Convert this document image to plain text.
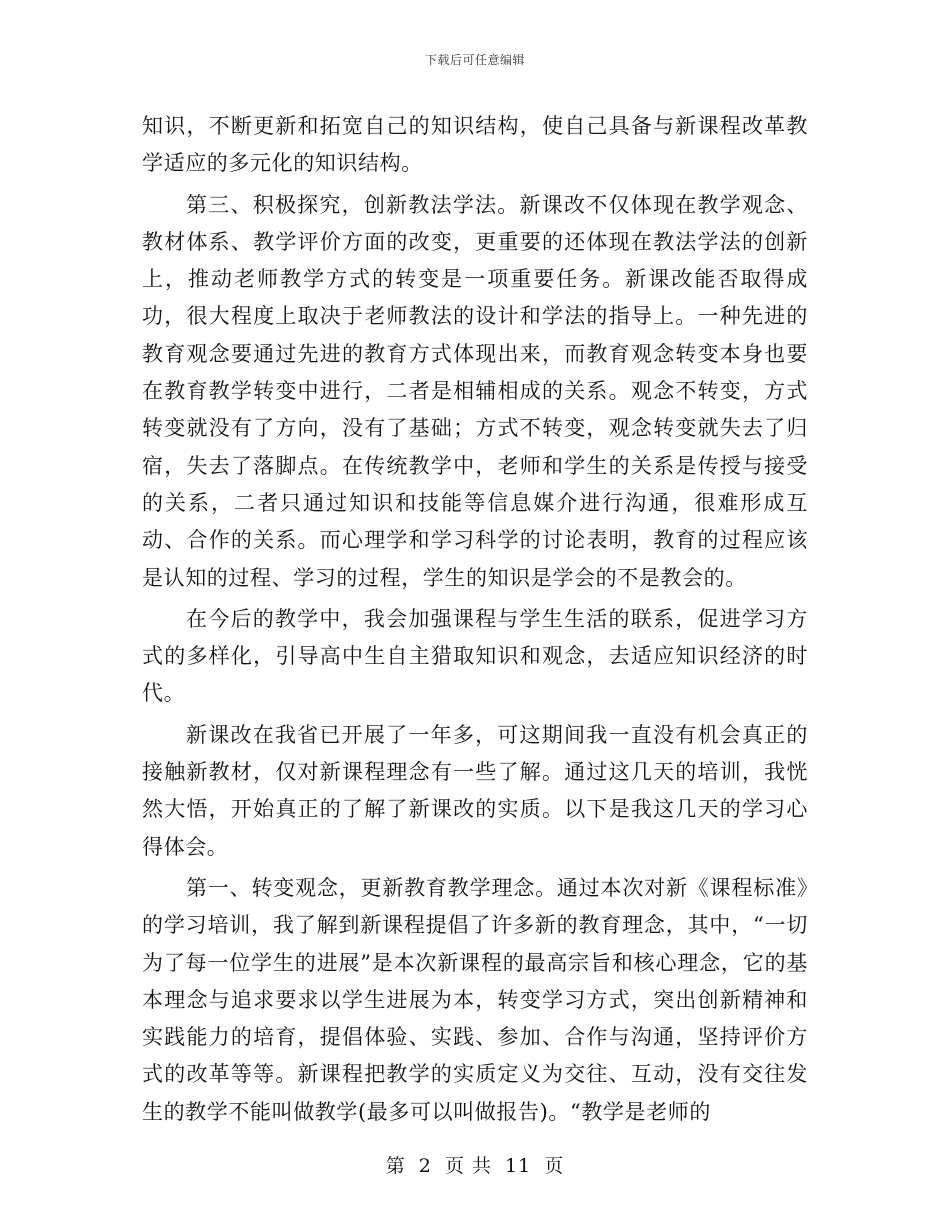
下载后可任意编辑

知识，不断更新和拓宽自己的知识结构，使自己具备与新课程改革教学适应的多元化的知识结构。

第三、积极探究，创新教法学法。新课改不仅体现在教学观念、教材体系、教学评价方面的改变，更重要的还体现在教法学法的创新上，推动老师教学方式的转变是一项重要任务。新课改能否取得成功，很大程度上取决于老师教法的设计和学法的指导上。一种先进的教育观念要通过先进的教育方式体现出来，而教育观念转变本身也要在教育教学转变中进行，二者是相辅相成的关系。观念不转变，方式转变就没有了方向，没有了基础；方式不转变，观念转变就失去了归宿，失去了落脚点。在传统教学中，老师和学生的关系是传授与接受的关系，二者只通过知识和技能等信息媒介进行沟通，很难形成互动、合作的关系。而心理学和学习科学的讨论表明，教育的过程应该是认知的过程、学习的过程，学生的知识是学会的不是教会的。

在今后的教学中，我会加强课程与学生生活的联系，促进学习方式的多样化，引导高中生自主猎取知识和观念，去适应知识经济的时代。

新课改在我省已开展了一年多，可这期间我一直没有机会真正的接触新教材，仅对新课程理念有一些了解。通过这几天的培训，我恍然大悟，开始真正的了解了新课改的实质。以下是我这几天的学习心得体会。

第一、转变观念，更新教育教学理念。通过本次对新《课程标准》的学习培训，我了解到新课程提倡了许多新的教育理念，其中，“一切为了每一位学生的进展”是本次新课程的最高宗旨和核心理念，它的基本理念与追求要求以学生进展为本，转变学习方式，突出创新精神和实践能力的培育，提倡体验、实践、参加、合作与沟通，坚持评价方式的改革等等。新课程把教学的实质定义为交往、互动，没有交往发生的教学不能叫做教学(最多可以叫做报告)。“教学是老师的

第 2 页 共 11 页
